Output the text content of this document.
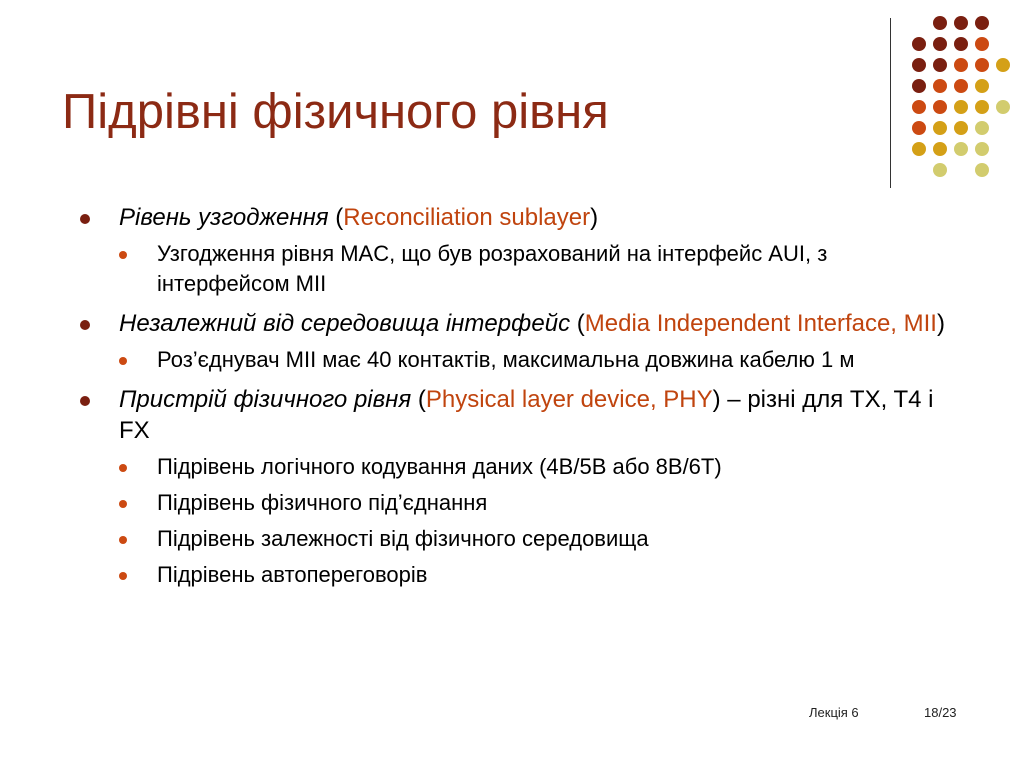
Підрівні фізичного рівня
Рівень узгодження (Reconciliation sublayer)
Узгодження рівня MAC, що був розрахований на інтерфейс AUI, з інтерфейсом MII
Незалежний від середовища інтерфейс (Media Independent Interface, MII)
Роз’єднувач MII має 40 контактів, максимальна довжина кабелю 1 м
Пристрій фізичного рівня (Physical layer device, PHY) – різні для TX, T4 і FX
Підрівень логічного кодування даних (4B/5B або 8B/6T)
Підрівень фізичного під’єднання
Підрівень залежності від фізичного середовища
Підрівень автопереговорів
Лекція 6	18/23
